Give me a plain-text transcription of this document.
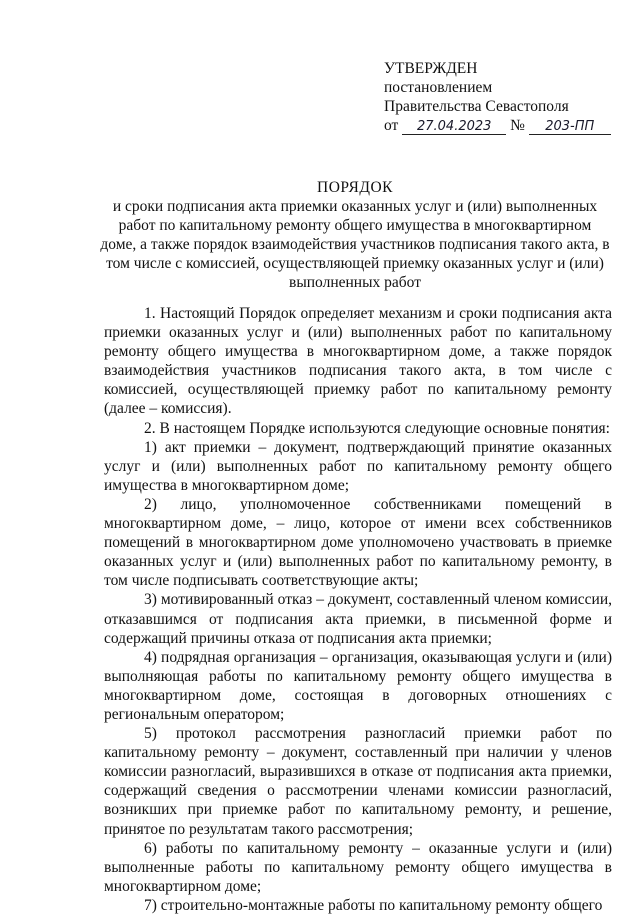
УТВЕРЖДЕН
постановлением
Правительства Севастополя
от 27.04.2023 № 203-ПП
ПОРЯДОК
и сроки подписания акта приемки оказанных услуг и (или) выполненных работ по капитальному ремонту общего имущества в многоквартирном доме, а также порядок взаимодействия участников подписания такого акта, в том числе с комиссией, осуществляющей приемку оказанных услуг и (или) выполненных работ

1. Настоящий Порядок определяет механизм и сроки подписания акта приемки оказанных услуг и (или) выполненных работ по капитальному ремонту общего имущества в многоквартирном доме, а также порядок взаимодействия участников подписания такого акта, в том числе с комиссией, осуществляющей приемку работ по капитальному ремонту (далее – комиссия).

2. В настоящем Порядке используются следующие основные понятия:

1) акт приемки – документ, подтверждающий принятие оказанных услуг и (или) выполненных работ по капитальному ремонту общего имущества в многоквартирном доме;

2) лицо, уполномоченное собственниками помещений в многоквартирном доме, – лицо, которое от имени всех собственников помещений в многоквартирном доме уполномочено участвовать в приемке оказанных услуг и (или) выполненных работ по капитальному ремонту, в том числе подписывать соответствующие акты;

3) мотивированный отказ – документ, составленный членом комиссии, отказавшимся от подписания акта приемки, в письменной форме и содержащий причины отказа от подписания акта приемки;

4) подрядная организация – организация, оказывающая услуги и (или) выполняющая работы по капитальному ремонту общего имущества в многоквартирном доме, состоящая в договорных отношениях с региональным оператором;

5) протокол рассмотрения разногласий приемки работ по капитальному ремонту – документ, составленный при наличии у членов комиссии разногласий, выразившихся в отказе от подписания акта приемки, содержащий сведения о рассмотрении членами комиссии разногласий, возникших при приемке работ по капитальному ремонту, и решение, принятое по результатам такого рассмотрения;

6) работы по капитальному ремонту – оказанные услуги и (или) выполненные работы по капитальному ремонту общего имущества в многоквартирном доме;

7) строительно-монтажные работы по капитальному ремонту общего
